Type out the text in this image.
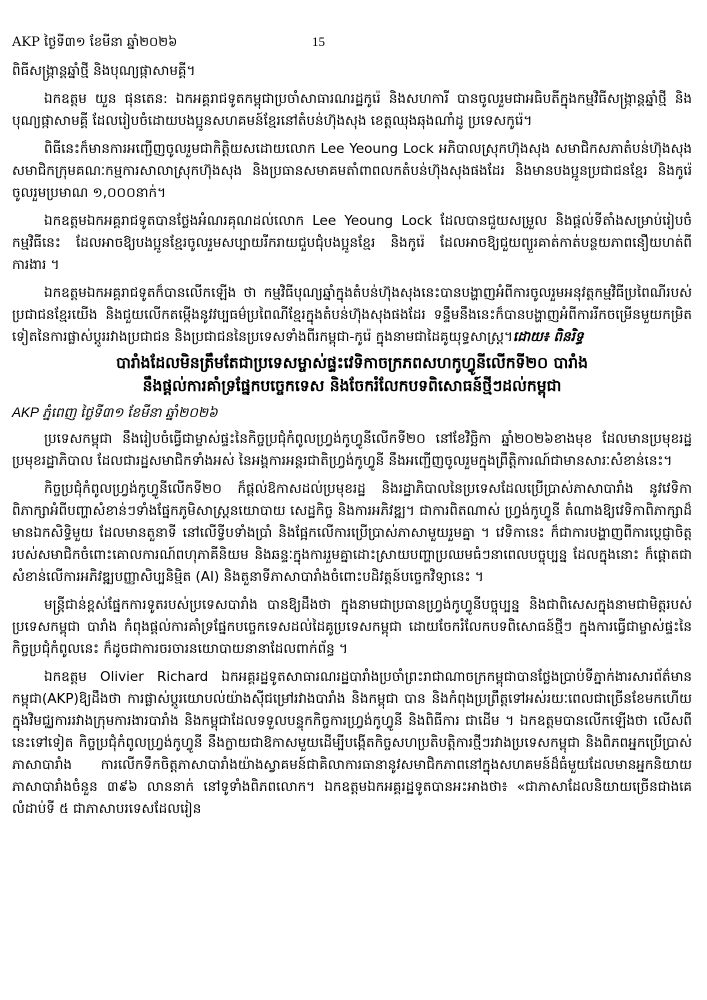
AKP ថ្ងៃទី៣១ ខែមីនា ឆ្នាំ២០២៦	15

ពិធីសង្ក្រាន្តឆ្នាំថ្មី និងបុណ្យផ្កាសាមគ្គី។

ឯកឧត្តម យួន ផុនតេន: ឯកអគ្គរាជទូតកម្ពុជាប្រចាំសាធារណរដ្ឋកូរ៉េ និងសហការី បានចូលរួមជាអធិបតីក្នុងកម្មវិធីសង្ក្រាន្តឆ្នាំថ្មី និងបុណ្យផ្កាសាមគ្គី ដែលរៀបចំដោយបងប្អូនសហគមន៍ខ្មែរនៅតំបន់ហ៊ុងសុង ខេត្តឈុងឆុងណាំដូ ប្រទេសកូរ៉េ។

ពិធីនេះក៏មានការអញ្ជើញចូលរួមជាកិត្តិយសដោយលោក Lee Yeoung Lock អភិបាលស្រុកហ៊ុងសុង សមាជិកសភាតំបន់ហ៊ុងសុង សមាជិកក្រុមគណៈកម្មការសាលាស្រុកហ៊ុងសុង និងប្រធានសមាគមតាំពាពលកតំបន់ហ៊ុងសុងផងដែរ និងមានបងប្អូនប្រជាជនខ្មែរ និងកូរ៉េ ចូលរួមប្រមាណ ១,០០០នាក់។

ឯកឧត្តមឯកអគ្គរាជទូតបានថ្លែងអំណរគុណដល់លោក Lee Yeoung Lock ដែលបានជួយសម្រួល និងផ្តល់ទីតាំងសម្រាប់រៀបចំកម្មវិធីនេះ ដែលអាចឱ្យបងប្អូនខ្មែរចូលរួមសប្បាយរីករាយជួបជុំបងប្អូនខ្មែរ និងកូរ៉េ ដែលអាចឱ្យជួយព្យួរគាត់កាត់បន្ថយភាពនឿយហត់ពីការងារ ។

ឯកឧត្តមឯកអគ្គរាជទូតក៏បានលើកឡើង ថា កម្មវិធីបុណ្យឆ្នាំក្នុងតំបន់ហ៊ុងសុងនេះបានបង្ហាញអំពីការចូលរួមអនុវត្តកម្មវិធីប្រពៃណីរបស់ប្រជាជនខ្មែរយើង និងជួយលើកតម្កើងនូវវប្បធម៌ប្រពៃណីខ្មែរក្នុងតំបន់ហ៊ុងសុងផងដែរ ទន្ទឹមនឹងនេះក៏បានបង្ហាញអំពីការរីកចម្រើនមួយកម្រិតទៀតនៃការផ្លាស់ប្តូររវាងប្រជាជន និងប្រជាជននៃប្រទេសទាំងពីរកម្ពុជា-កូរ៉េ ក្នុងនាមជាដៃគូយុទ្ធសាស្រ្ត។ដោយ៖ ពិនរិទ្ធ

បារាំងដែលមិនត្រឹមតែជាប្រទេសម្ចាស់ផ្ទះវេទិកាចក្រភពសហកូហ្វូនីលើកទី២០ បារាំង
នឹងផ្តល់ការគាំទ្រផ្នែកបច្ចេកទេស និងចែករំលែកបទពិសោធន៍ថ្មីៗដល់កម្ពុជា
AKP ភ្នំពេញ ថ្ងៃទី៣១ ខែមីនា ឆ្នាំ២០២៦

ប្រទេសកម្ពុជា នឹងរៀបចំធ្វើជាម្ចាស់ផ្ទះនៃកិច្ចប្រជុំកំពូលហ្វ្រង់កូហ្វូនីលើកទី២០ នៅខែវិច្ឆិកា ឆ្នាំ២០២៦ខាងមុខ ដែលមានប្រមុខរដ្ឋ ប្រមុខរដ្ឋាភិបាល ដែលជារដ្ឋសមាជិកទាំងអស់ នៃអង្គការអន្តរជាតិហ្វ្រង់កូហ្វូនី នឹងអញ្ជើញចូលរួមក្នុងព្រឹត្តិការណ៍ជាមានសារៈសំខាន់នេះ។

កិច្ចប្រជុំកំពូលហ្វ្រង់កូហ្វូនីលើកទី២០ ក៏ផ្តល់ឱកាសដល់ប្រមុខរដ្ឋ និងរដ្ឋាភិបាលនៃប្រទេសដែលប្រើប្រាស់ភាសាបារាំង នូវវេទិកាពិភាក្សាអំពីបញ្ហាសំខាន់ៗទាំងផ្នែកភូមិសាស្ត្រនយោបាយ សេដ្ឋកិច្ច និងការអភិវឌ្ឍ។ ជាការពិតណាស់ ហ្វ្រង់កូហ្វូនី តំណាងឱ្យវេទិកាពិភាក្សាដ៏មានឯកសិទ្ធិមួយ ដែលមានតួនាទី នៅលើទ្វីបទាំងប្រាំ និងផ្អែកលើការប្រើប្រាស់ភាសាមួយរួមគ្នា ។ វេទិកានេះ ក៏ជាការបង្ហាញពីការប្តេជ្ញាចិត្តរបស់សមាជិកចំពោះគោលការណ៍ពហុភាគីនិយម និងឆន្ទៈក្នុងការរួមគ្នាដោះស្រាយបញ្ហាប្រឈមធំៗនាពេលបច្ចុប្បន្ន ដែលក្នុងនោះ ក៏ផ្តោតជាសំខាន់លើការអភិវឌ្ឍបញ្ញាសិប្បនិម្មិត (AI) និងតួនាទីភាសាបារាំងចំពោះបដិវត្តន៍បច្ចេកវិទ្យានេះ ។

មន្រ្តីជាន់ខ្ពស់ផ្នែកការទូតរបស់ប្រទេសបារាំង បានឱ្យដឹងថា ក្នុងនាមជាប្រធានហ្វ្រង់កូហ្វូនីបច្ចុប្បន្ន និងជាពិសេសក្នុងនាមជាមិត្តរបស់ប្រទេសកម្ពុជា បារាំង កំពុងផ្តល់ការគាំទ្រផ្នែកបច្ចេកទេសដល់ដៃគូប្រទេសកម្ពុជា ដោយចែករំលែកបទពិសោធន៍ថ្មីៗ ក្នុងការធ្វើជាម្ចាស់ផ្ទះនៃកិច្ចប្រជុំកំពូលនេះ ក៏ដូចជាការចរចារនយោបាយនានាដែលពាក់ព័ន្ធ ។

ឯកឧត្តម Olivier Richard ឯកអគ្គរដ្ឋទូតសាធារណរដ្ឋបារាំងប្រចាំព្រះរាជាណាចក្រកម្ពុជាបានថ្លែងប្រាប់ទីភ្នាក់ងារសារព័ត៌មានកម្ពុជា(AKP)ឱ្យដឹងថា ការផ្លាស់ប្តូរយោបល់យ៉ាងស៊ីជម្រៅរវាងបារាំង និងកម្ពុជា បាន និងកំពុងប្រព្រឹត្តទៅអស់រយៈពេលជាច្រើនខែមកហើយ ក្នុងវិមជ្ឈការរវាងក្រុមការងារបារាំង និងកម្ពុជាដែលទទួលបន្ទុកកិច្ចការហ្វ្រង់កូហ្វូនី និងពិធីការ ជាដើម ។ ឯកឧត្តមបានលើកឡើងថា លើសពីនេះទៅទៀត កិច្ចប្រជុំកំពូលហ្វ្រង់កូហ្វូនី នឹងក្លាយជាឱកាសមួយដើម្បីបង្កើតកិច្ចសហប្រតិបត្តិការថ្មីៗរវាងប្រទេសកម្ពុជា និងពិភពអ្នកប្រើប្រាស់ភាសាបារាំង ការលើកទឹកចិត្តភាសាបារាំងយ៉ាងស្វាគមន៍ជាគិលាការធានានូវសមាជិកភាពនៅក្នុងសហគមន៍ដ៏ធំមួយដែលមានអ្នកនិយាយភាសាបារាំងចំនួន ៣៩៦ លាននាក់ នៅទូទាំងពិភពលោក។ ឯកឧត្តមឯកអគ្គរដ្ឋទូតបានអះអាងថា៖ «ជាភាសាដែលនិយាយច្រើនជាងគេលំដាប់ទី ៥ ជាភាសាបរទេសដែលរៀន
